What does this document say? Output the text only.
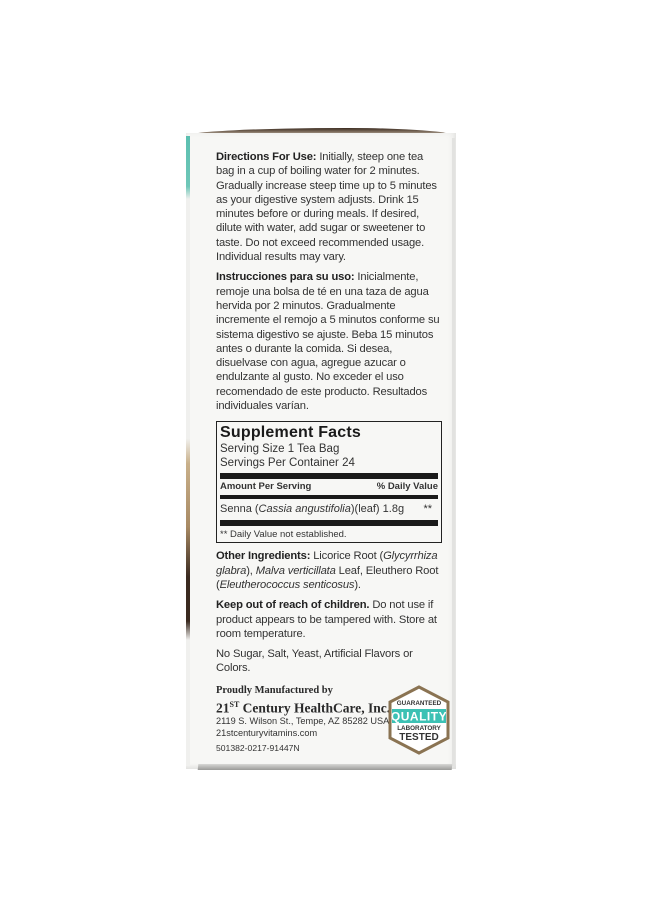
Directions For Use: Initially, steep one tea bag in a cup of boiling water for 2 minutes. Gradually increase steep time up to 5 minutes as your digestive system adjusts. Drink 15 minutes before or during meals. If desired, dilute with water, add sugar or sweetener to taste. Do not exceed recommended usage. Individual results may vary.

Instrucciones para su uso: Inicialmente, remoje una bolsa de té en una taza de agua hervida por 2 minutos. Gradualmente incremente el remojo a 5 minutos conforme su sistema digestivo se ajuste. Beba 15 minutos antes o durante la comida. Si desea, disuelvase con agua, agregue azucar o endulzante al gusto. No exceder el uso recomendado de este producto. Resultados individuales varían.

Supplement Facts
Serving Size 1 Tea Bag
Servings Per Container 24
Amount Per Serving	% Daily Value
Senna (Cassia angustifolia)(leaf) 1.8g **
** Daily Value not established.

Other Ingredients: Licorice Root (Glycyrrhiza glabra), Malva verticillata Leaf, Eleuthero Root (Eleutherococcus senticosus).

Keep out of reach of children. Do not use if product appears to be tampered with. Store at room temperature.

No Sugar, Salt, Yeast, Artificial Flavors or Colors.

Proudly Manufactured by
21ST Century HealthCare, Inc.
2119 S. Wilson St., Tempe, AZ 85282 USA
21stcenturyvitamins.com
501382-0217-91447N
GUARANTEED
QUALITY
LABORATORY
TESTED
